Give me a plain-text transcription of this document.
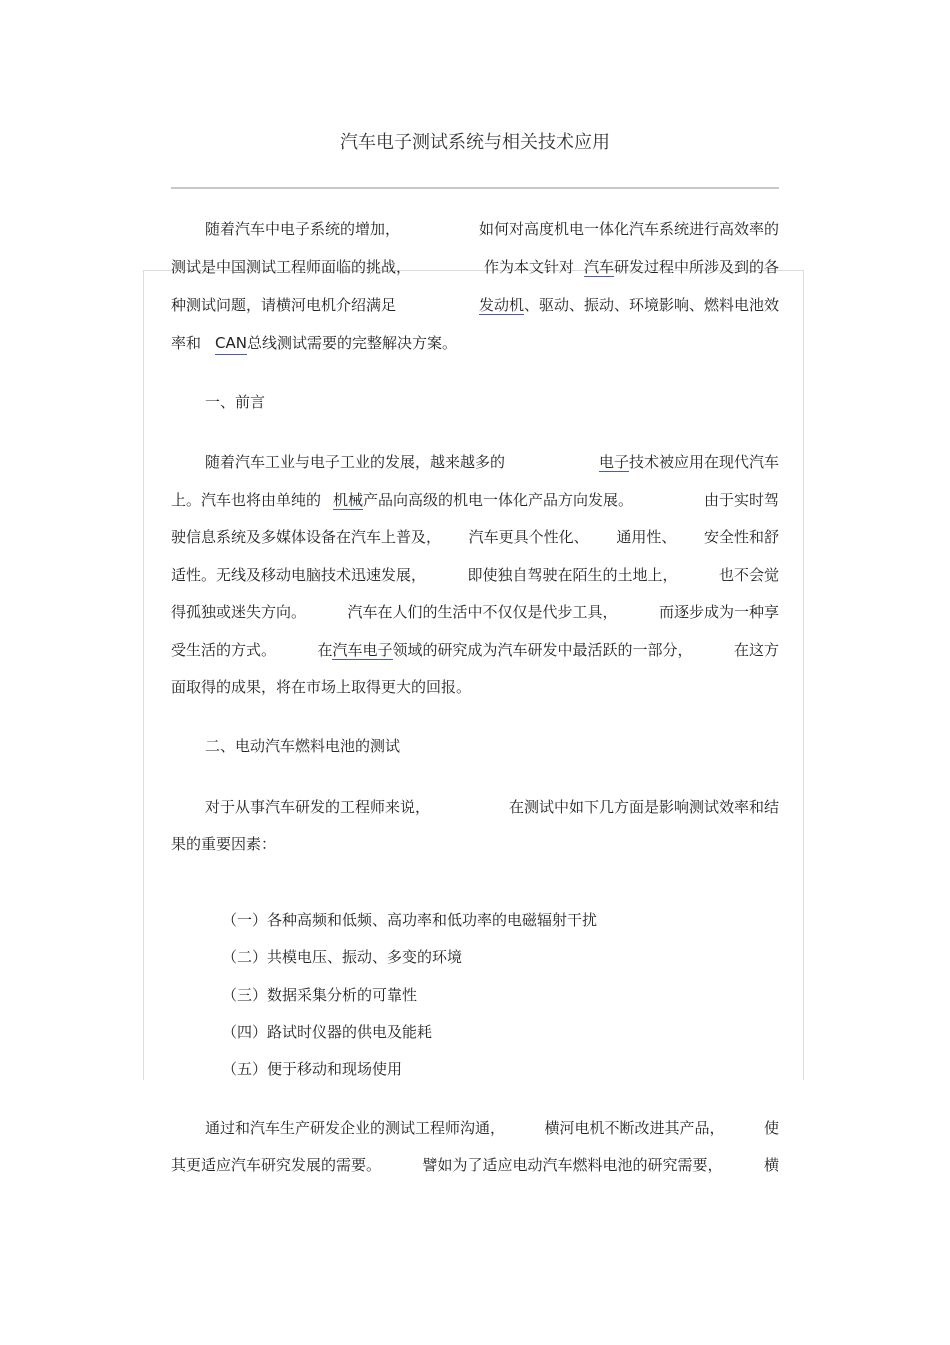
汽车电子测试系统与相关技术应用
随着汽车中电子系统的增加，	如何对高度机电一体化汽车系统进行高效率的
测试是中国测试工程师面临的挑战，	作为本文针对 汽车研发过程中所涉及到的各
种测试问题，请横河电机介绍满足	发动机、驱动、振动、环境影响、燃料电池效
率和 CAN 总线测试需要的完整解决方案。
一、前言
随着汽车工业与电子工业的发展，越来越多的	电子技术被应用在现代汽车
上。汽车也将由单纯的 机械产品向高级的机电一体化产品方向发展。	由于实时驾
驶信息系统及多媒体设备在汽车上普及， 汽车更具个性化、 通用性、 安全性和舒
适性。无线及移动电脑技术迅速发展，	即使独自驾驶在陌生的土地上，	也不会觉
得孤独或迷失方向。	汽车在人们的生活中不仅仅是代步工具，	而逐步成为一种享
受生活的方式。	在汽车电子领域的研究成为汽车研发中最活跃的一部分，	在这方
面取得的成果，将在市场上取得更大的回报。
二、电动汽车燃料电池的测试
对于从事汽车研发的工程师来说，	在测试中如下几方面是影响测试效率和结
果的重要因素：
（一）各种高频和低频、高功率和低功率的电磁辐射干扰
（二）共模电压、振动、多变的环境
（三）数据采集分析的可靠性
（四）路试时仪器的供电及能耗
（五）便于移动和现场使用
通过和汽车生产研发企业的测试工程师沟通，	横河电机不断改进其产品，	使
其更适应汽车研究发展的需要。	譬如为了适应电动汽车燃料电池的研究需要，	横
